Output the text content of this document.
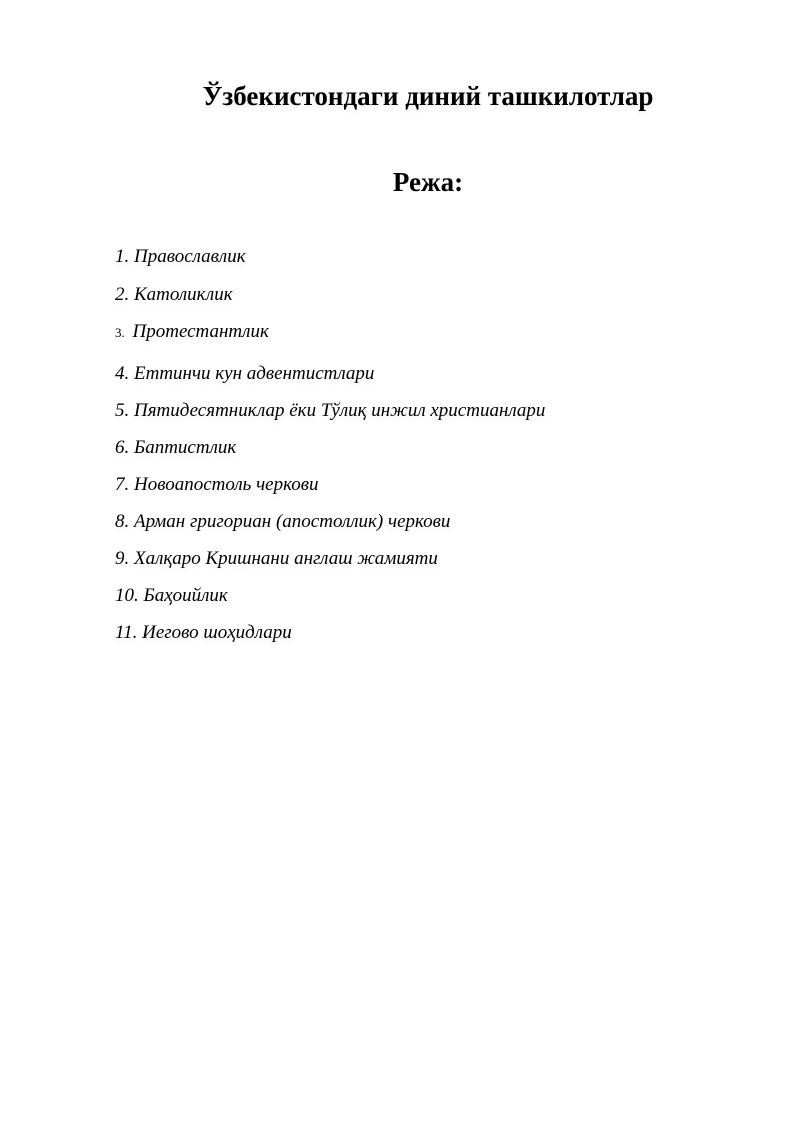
Ўзбекистондаги диний ташкилотлар
Режа:
1. Православлик
2. Католиклик
3. Протестантлик
4. Еттинчи кун адвентистлари
5. Пятидесятниклар ёки Тўлиқ инжил христианлари
6. Баптистлик
7. Новоапостоль черкови
8. Арман григориан (апостоллик) черкови
9. Халқаро Кришнани англаш жамияти
10. Баҳоийлик
11. Иегово шоҳидлари
